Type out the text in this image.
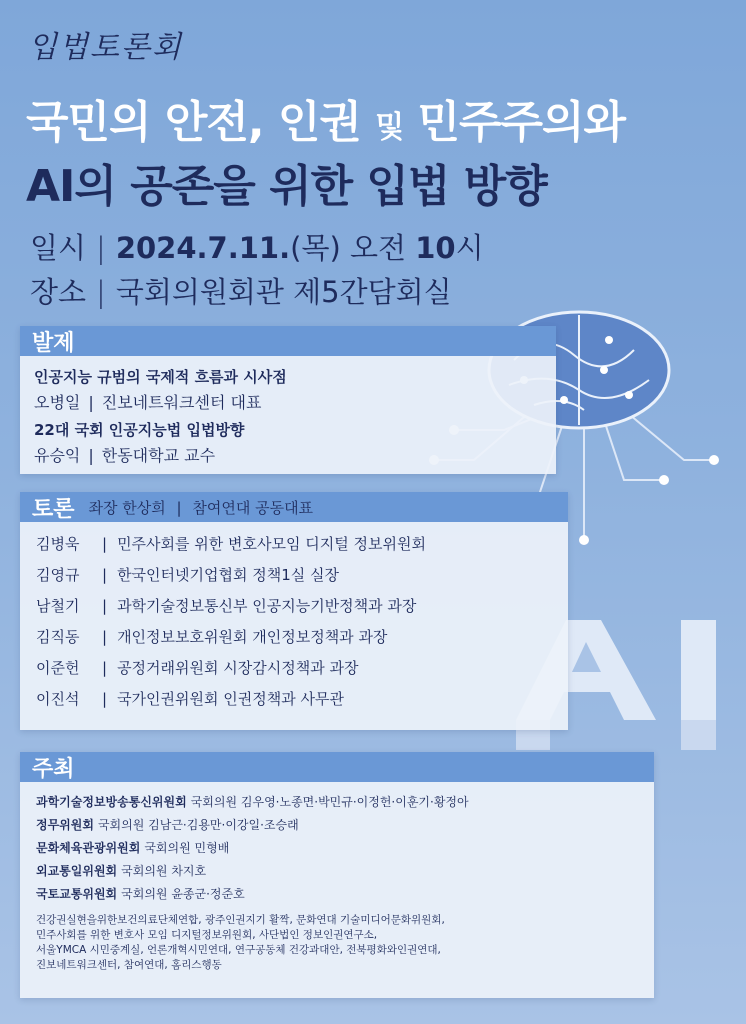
입법토론회
국민의 안전, 인권 및 민주주의와
AI의 공존을 위한 입법 방향
일시 | 2024.7.11.(목) 오전 10시
장소 | 국회의원회관 제5간담회실
발제
인공지능 규범의 국제적 흐름과 시사점
오병일 | 진보네트워크센터 대표
22대 국회 인공지능법 입법방향
유승익 | 한동대학교 교수
토론 좌장 한상희 | 참여연대 공동대표
김병욱	| 민주사회를 위한 변호사모임 디지털 정보위원회
김영규	| 한국인터넷기업협회 정책1실 실장
남철기	| 과학기술정보통신부 인공지능기반정책과 과장
김직동	| 개인정보보호위원회 개인정보정책과 과장
이준헌	| 공정거래위원회 시장감시정책과 과장
이진석	| 국가인권위원회 인권정책과 사무관
주최
과학기술정보방송통신위원회 국회의원 김우영·노종면·박민규·이정헌·이훈기·황정아
정무위원회 국회의원 김남근·김용만·이강일·조승래
문화체육관광위원회 국회의원 민형배
외교통일위원회 국회의원 차지호
국토교통위원회 국회의원 윤종군·정준호
건강권실현을위한보건의료단체연합, 광주인권지기 활짝, 문화연대 기술미디어문화위원회,
민주사회를 위한 변호사 모임 디지털정보위원회, 사단법인 정보인권연구소,
서울YMCA 시민중계실, 언론개혁시민연대, 연구공동체 건강과대안, 전북평화와인권연대,
진보네트워크센터, 참여연대, 홈리스행동
